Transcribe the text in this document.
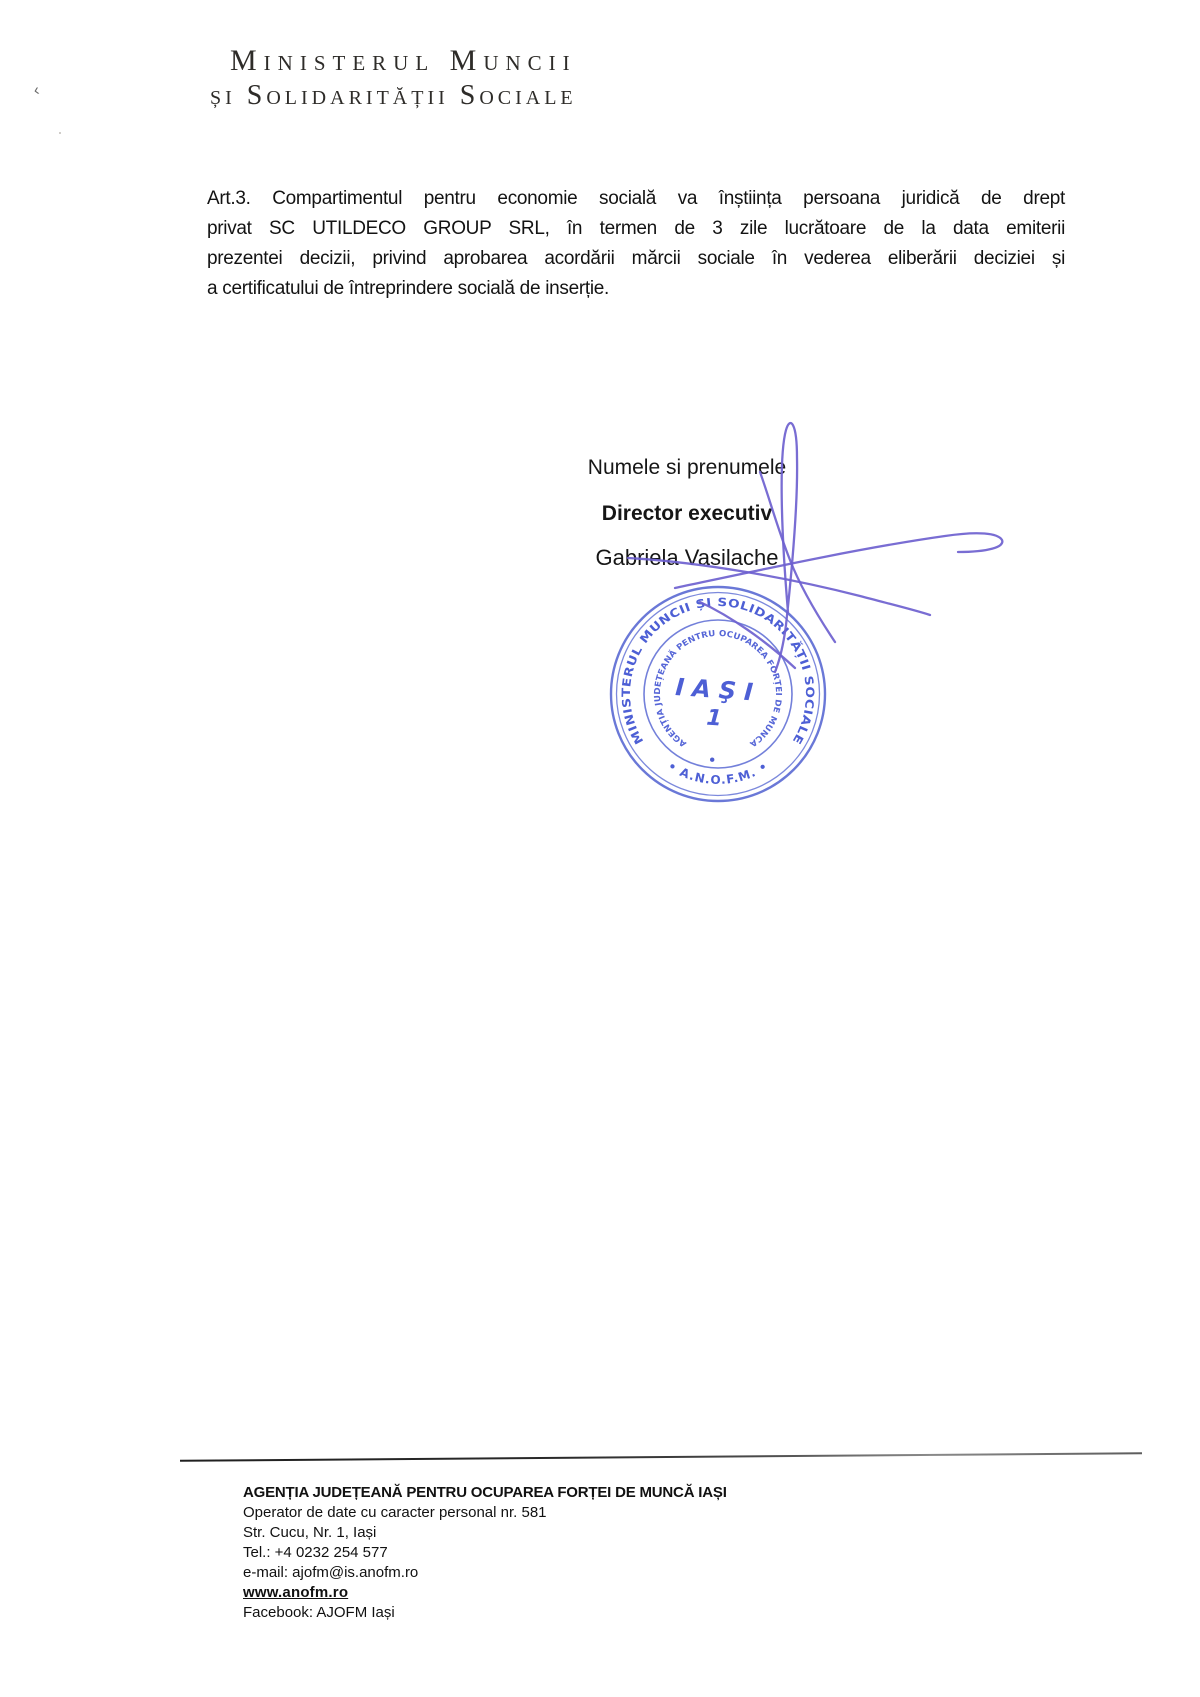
‹
·
Ministerul Muncii
și Solidarității Sociale
Art.3. Compartimentul pentru economie socială va înștiința persoana juridică de drept
privat SC UTILDECO GROUP SRL, în termen de 3 zile lucrătoare de la data emiterii
prezentei decizii, privind aprobarea acordării mărcii sociale în vederea eliberării deciziei și
a certificatului de întreprindere socială de inserție.
Numele si prenumele
Director executiv
Gabriela Vasilache
MINISTERUL MUNCII ȘI SOLIDARITĂȚII SOCIALE
AGENȚIA JUDEȚEANĂ PENTRU OCUPAREA FORȚEI DE MUNCA
• A.N.O.F.M. •
IAŞI
1
AGENȚIA JUDEȚEANĂ PENTRU OCUPAREA FORȚEI DE MUNCĂ IAȘI
Operator de date cu caracter personal nr. 581
Str. Cucu, Nr. 1, Iași
Tel.: +4 0232 254 577
e-mail: ajofm@is.anofm.ro
www.anofm.ro
Facebook: AJOFM Iași
